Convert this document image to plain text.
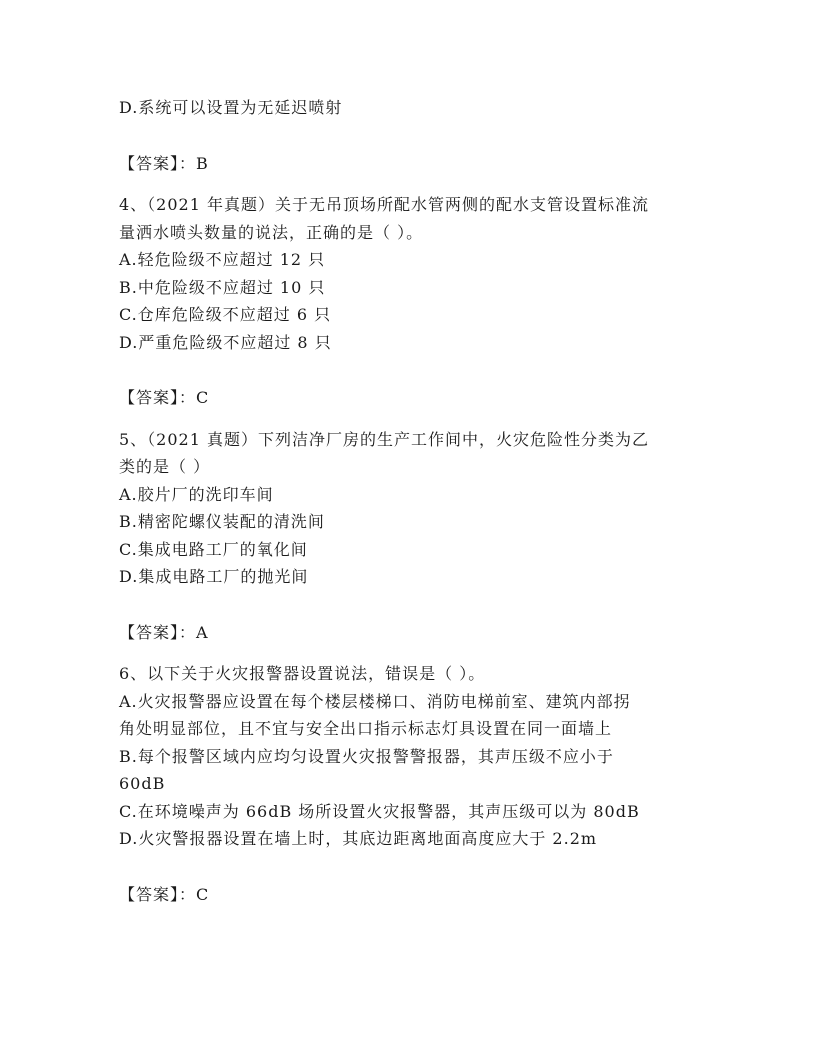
D.系统可以设置为无延迟喷射
【答案】：B
4、（2021 年真题）关于无吊顶场所配水管两侧的配水支管设置标准流
量洒水喷头数量的说法，正确的是（ ）。
A.轻危险级不应超过 12 只
B.中危险级不应超过 10 只
C.仓库危险级不应超过 6 只
D.严重危险级不应超过 8 只
【答案】：C
5、（2021 真题）下列洁净厂房的生产工作间中，火灾危险性分类为乙
类的是（ ）
A.胶片厂的洗印车间
B.精密陀螺仪装配的清洗间
C.集成电路工厂的氧化间
D.集成电路工厂的抛光间
【答案】：A
6、以下关于火灾报警器设置说法，错误是（ ）。
A.火灾报警器应设置在每个楼层楼梯口、消防电梯前室、建筑内部拐
角处明显部位，且不宜与安全出口指示标志灯具设置在同一面墙上
B.每个报警区域内应均匀设置火灾报警警报器，其声压级不应小于
60dB
C.在环境噪声为 66dB 场所设置火灾报警器，其声压级可以为 80dB
D.火灾警报器设置在墙上时，其底边距离地面高度应大于 2.2m
【答案】：C
